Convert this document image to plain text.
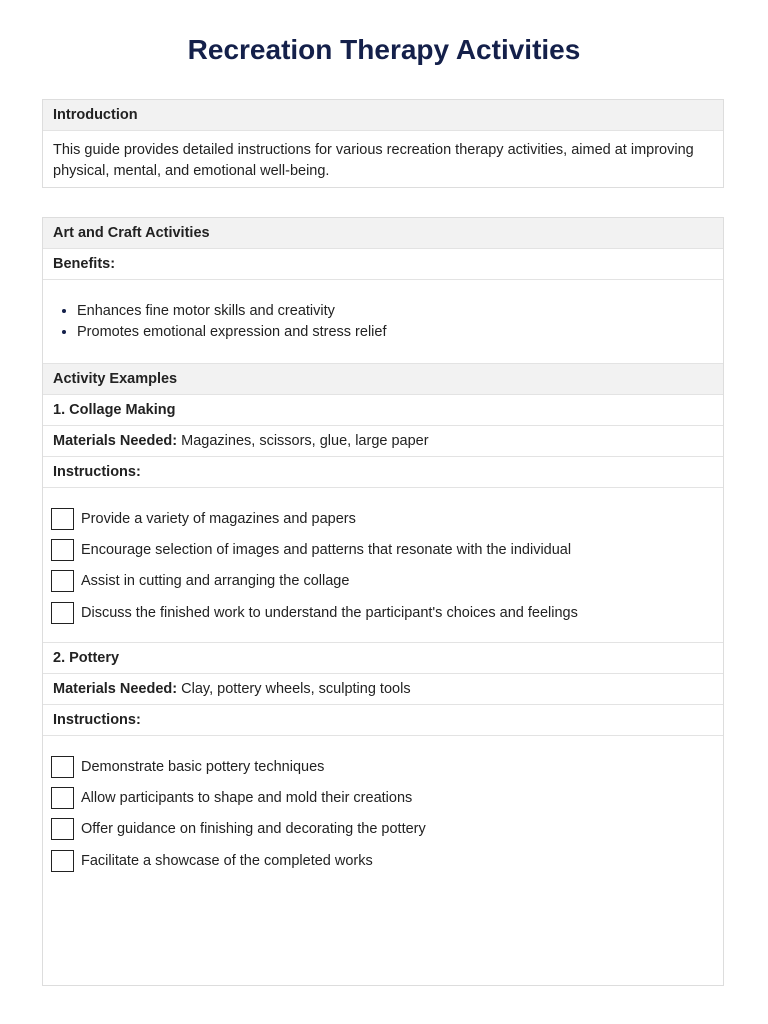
Recreation Therapy Activities
Introduction
This guide provides detailed instructions for various recreation therapy activities, aimed at improving physical, mental, and emotional well-being.
Art and Craft Activities
Benefits:
• Enhances fine motor skills and creativity
• Promotes emotional expression and stress relief
Activity Examples
1. Collage Making
Materials Needed:
Magazines, scissors, glue, large paper
Instructions:
Provide a variety of magazines and papers
Encourage selection of images and patterns that resonate with the individual
Assist in cutting and arranging the collage
Discuss the finished work to understand the participant's choices and feelings
2. Pottery
Materials Needed:
Clay, pottery wheels, sculpting tools
Instructions:
Demonstrate basic pottery techniques
Allow participants to shape and mold their creations
Offer guidance on finishing and decorating the pottery
Facilitate a showcase of the completed works
